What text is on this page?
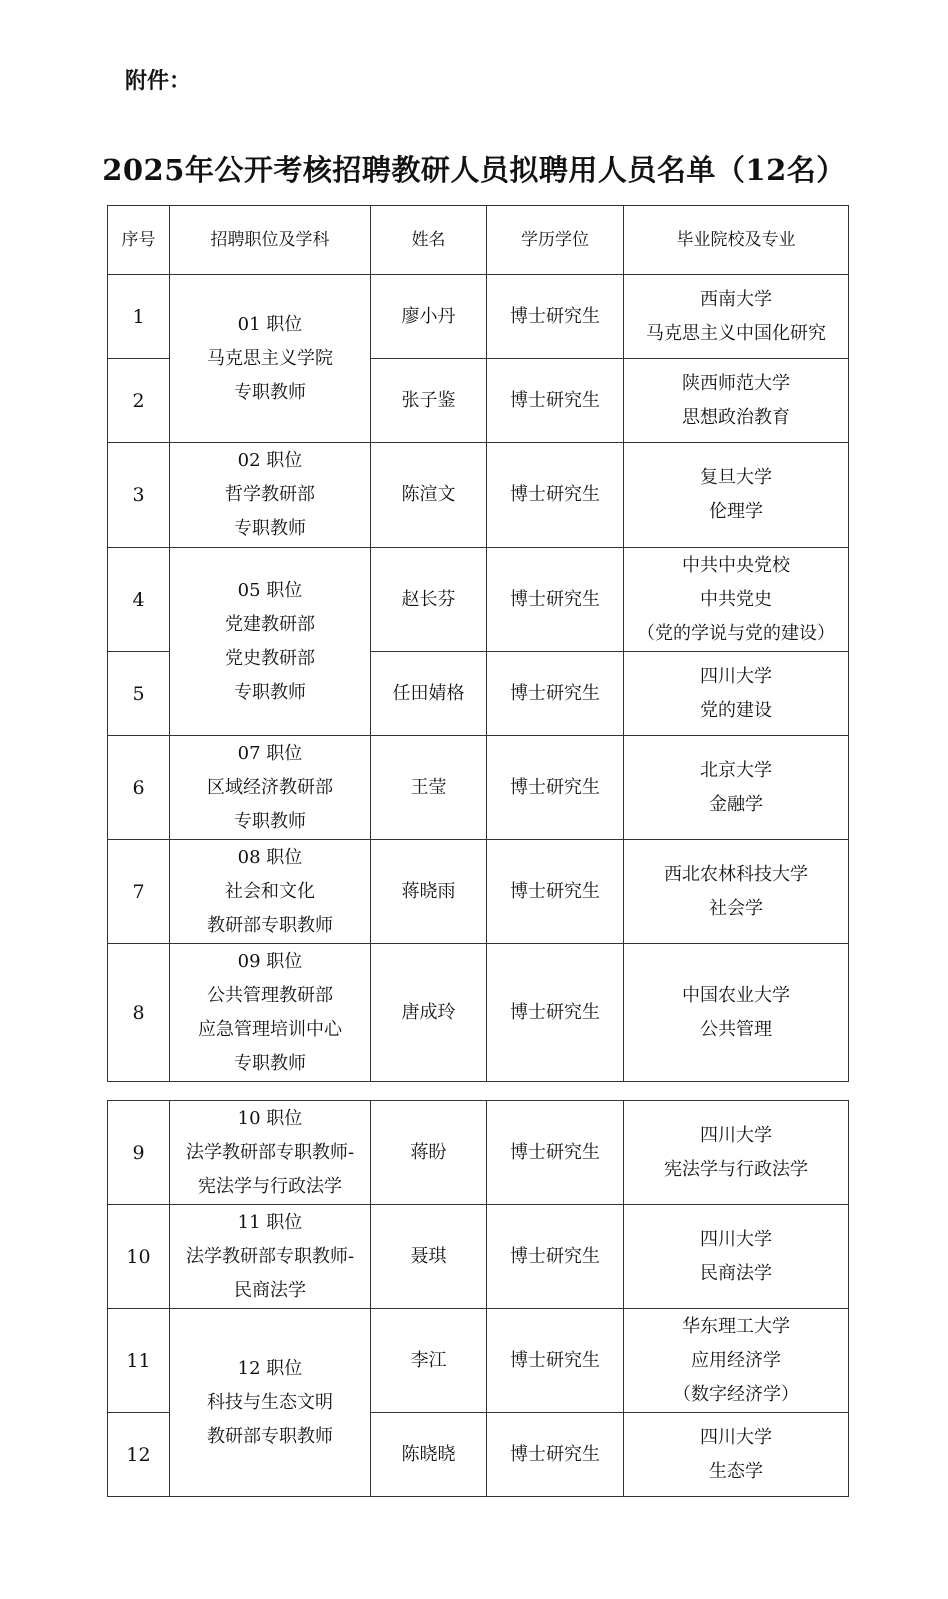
附件：
2025年公开考核招聘教研人员拟聘用人员名单（12名）
序号	招聘职位及学科	姓名	学历学位	毕业院校及专业
1	01 职位
马克思主义学院
专职教师	廖小丹	博士研究生	西南大学
马克思主义中国化研究

2		张子鉴	博士研究生	陕西师范大学
思想政治教育

3	02 职位
哲学教研部
专职教师	陈渲文	博士研究生	复旦大学
伦理学

4	05 职位
党建教研部
党史教研部
专职教师	赵长芬	博士研究生	中共中央党校
中共党史
（党的学说与党的建设）

5		任田婧格	博士研究生	四川大学
党的建设

6	07 职位
区域经济教研部
专职教师	王莹	博士研究生	北京大学
金融学

7	08 职位
社会和文化
教研部专职教师	蒋晓雨	博士研究生	西北农林科技大学
社会学

8	09 职位
公共管理教研部
应急管理培训中心
专职教师	唐成玲	博士研究生	中国农业大学
公共管理
9	10 职位
法学教研部专职教师-
宪法学与行政法学	蒋盼	博士研究生	四川大学
宪法学与行政法学

10	11 职位
法学教研部专职教师-
民商法学	聂琪	博士研究生	四川大学
民商法学

11	12 职位
科技与生态文明
教研部专职教师	李江	博士研究生	华东理工大学
应用经济学
（数字经济学）

12		陈晓晓	博士研究生	四川大学
生态学
